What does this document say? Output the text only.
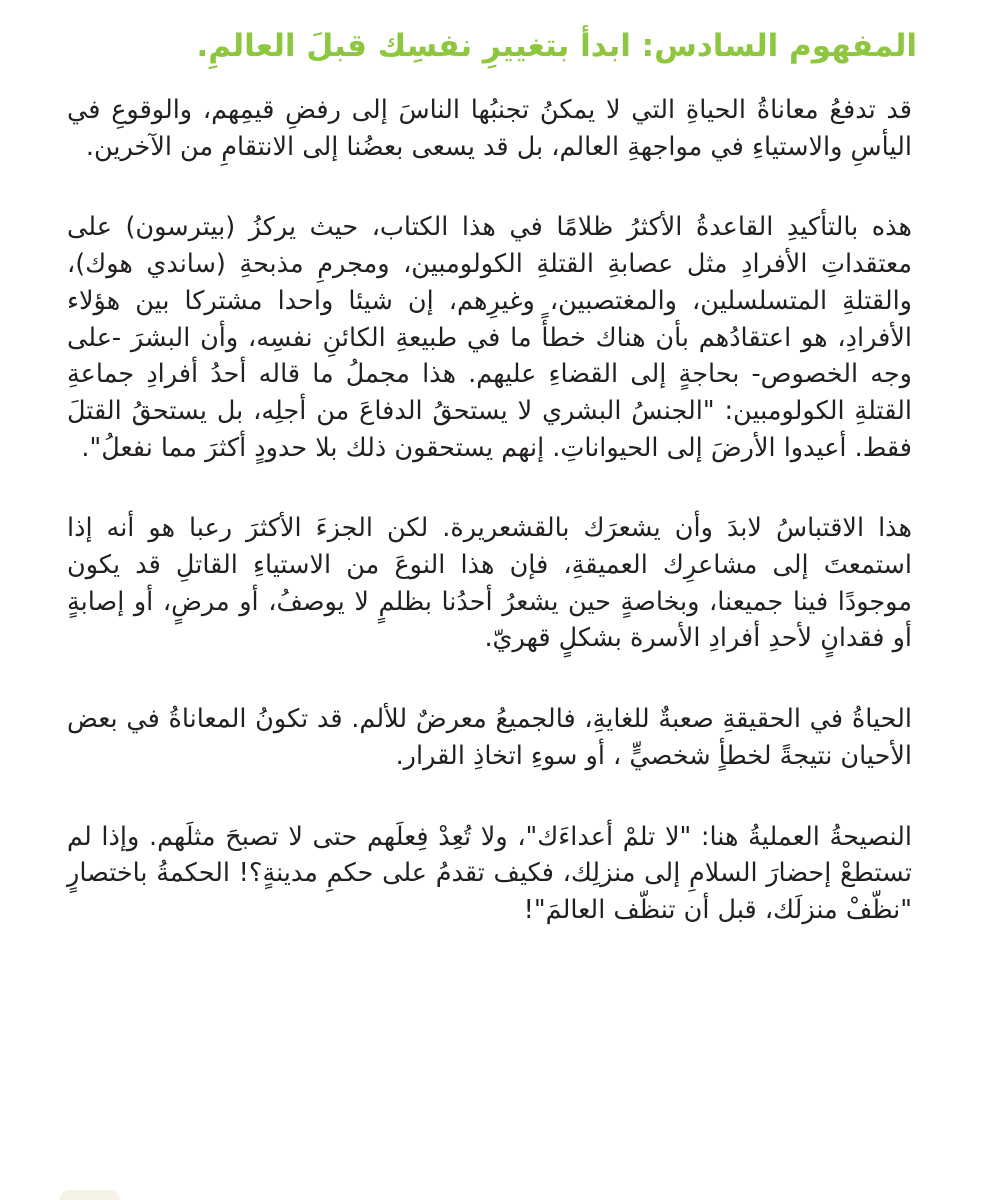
المفهوم السادس: ابدأ بتغييرِ نفسِك قبلَ العالمِ.

قد تدفعُ معاناةُ الحياةِ التي لا يمكنُ تجنبُها الناسَ إلى رفضِ قيمِهم، والوقوعِ في اليأسِ والاستياءِ في مواجهةِ العالم، بل قد يسعى بعضُنا إلى الانتقامِ من الآخرين.

هذه بالتأكيدِ القاعدةُ الأكثرُ ظلامًا في هذا الكتاب، حيث يركزُ (بيترسون) على معتقداتِ الأفرادِ مثل عصابةِ القتلةِ الكولومبين، ومجرمِ مذبحةِ (ساندي هوك)، والقتلةِ المتسلسلين، والمغتصبين، وغيرِهم، إن شيئا واحدا مشتركا بين هؤلاء الأفرادِ، هو اعتقادُهم بأن هناك خطأً ما في طبيعةِ الكائنِ نفسِه، وأن البشرَ -على وجه الخصوص- بحاجةٍ إلى القضاءِ عليهم. هذا مجملُ ما قاله أحدُ أفرادِ جماعةِ القتلةِ الكولومبين: "الجنسُ البشري لا يستحقُ الدفاعَ من أجلِه، بل يستحقُ القتلَ فقط. أعيدوا الأرضَ إلى الحيواناتِ. إنهم يستحقون ذلك بلا حدودٍ أكثرَ مما نفعلُ".

هذا الاقتباسُ لابدَ وأن يشعرَك بالقشعريرة. لكن الجزءَ الأكثرَ رعبا هو أنه إذا استمعتَ إلى مشاعرِك العميقةِ، فإن هذا النوعَ من الاستياءِ القاتلِ قد يكون موجودًا فينا جميعنا، وبخاصةٍ حين يشعرُ أحدُنا بظلمٍ لا يوصفُ، أو مرضٍ، أو إصابةٍ أو فقدانٍ لأحدِ أفرادِ الأسرة بشكلٍ قهريّ.

الحياةُ في الحقيقةِ صعبةٌ للغايةِ، فالجميعُ معرضٌ للألم. قد تكونُ المعاناةُ في بعض الأحيان نتيجةً لخطأٍ شخصيٍّ ، أو سوءِ اتخاذِ القرار.

النصيحةُ العمليةُ هنا: "لا تلمْ أعداءَك"، ولا تُعِدْ فِعلَهم حتى لا تصبحَ مثلَهم. وإذا لم تستطعْ إحضارَ السلامِ إلى منزلِك، فكيف تقدمُ على حكمِ مدينةٍ؟! الحكمةُ باختصارٍ "نظّفْ منزلَك، قبل أن تنظّف العالمَ"!
